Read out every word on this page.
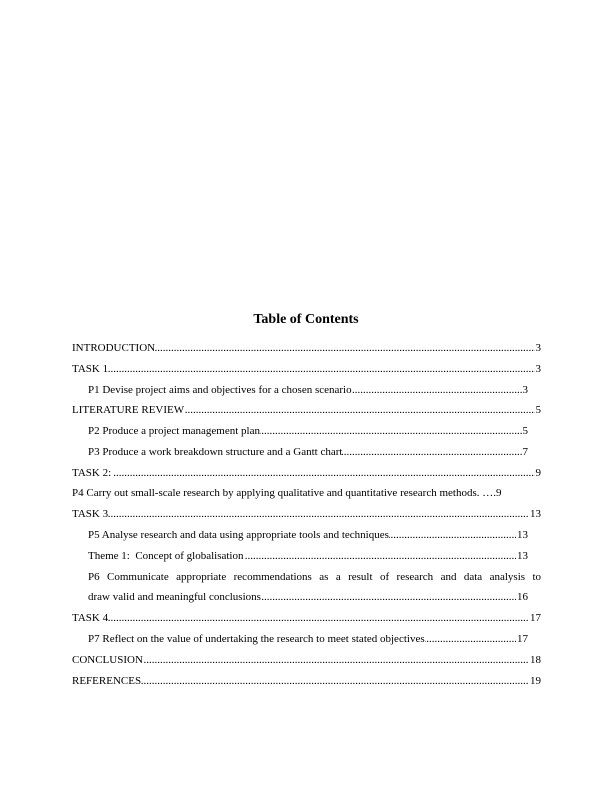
Table of Contents
..... INTRODUCTION	3
..... TASK 1	3
..... P1 Devise project aims and objectives for a chosen scenario	3
..... LITERATURE REVIEW	5
..... P2 Produce a project management plan	5
..... P3 Produce a work breakdown structure and a Gantt chart	7
..... TASK 2:	9
P4 Carry out small-scale research by applying qualitative and quantitative research methods. ….9
..... TASK 3	13
..... P5 Analyse research and data using appropriate tools and techniques	13
..... Theme 1:  Concept of globalisation	13
P6 Communicate appropriate recommendations as a result of research and data analysis to
..... draw valid and meaningful conclusions	16
..... TASK 4	17
..... P7 Reflect on the value of undertaking the research to meet stated objectives	17
..... CONCLUSION	18
..... REFERENCES	19
